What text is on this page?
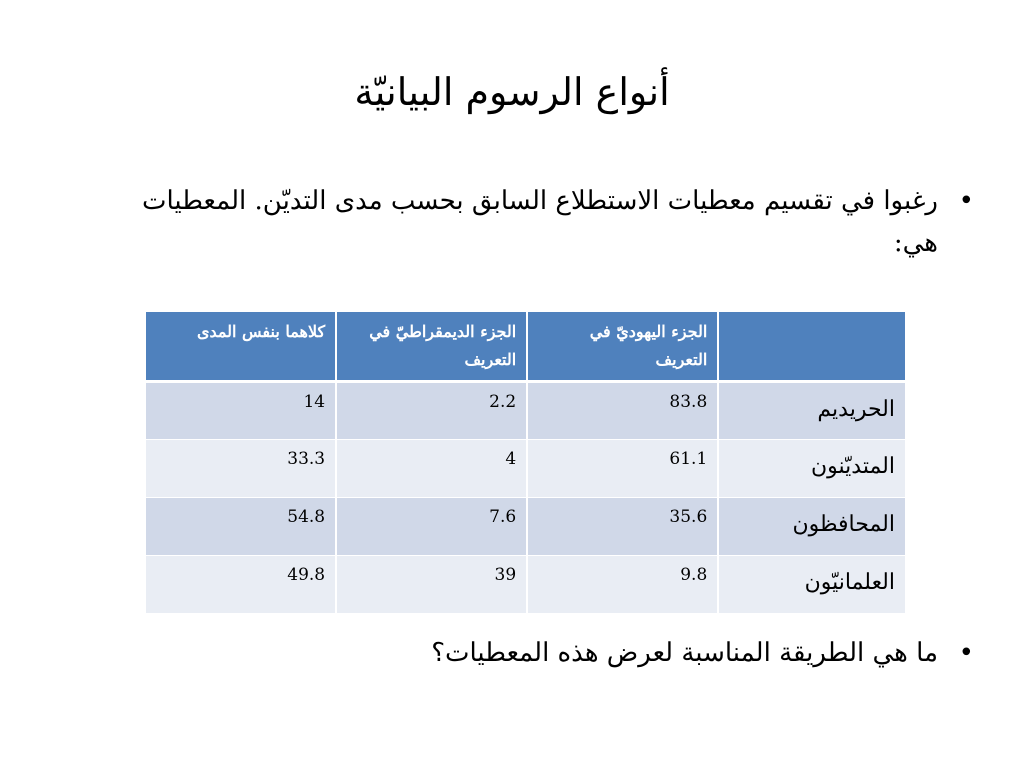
أنواع الرسوم البيانيّة
•
رغبوا في تقسيم معطيات الاستطلاع السابق بحسب مدى التديّن. المعطيات هي:
	الجزء اليهوديّ في التعريف	الجزء الديمقراطيّ في التعريف	كلاهما بنفس المدى
الحريديم	83.8	2.2	14
المتديّنون	61.1	4	33.3
المحافظون	35.6	7.6	54.8
العلمانيّون	9.8	39	49.8
•
ما هي الطريقة المناسبة لعرض هذه المعطيات؟
